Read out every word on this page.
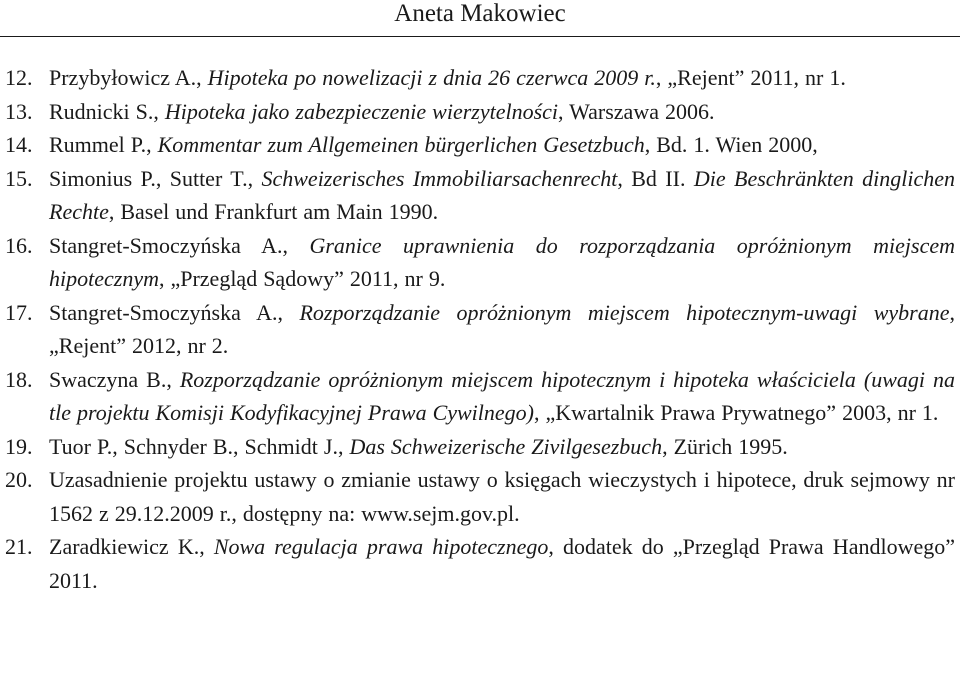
Aneta Makowiec
12. Przybyłowicz A., Hipoteka po nowelizacji z dnia 26 czerwca 2009 r., „Rejent” 2011, nr 1.
13. Rudnicki S., Hipoteka jako zabezpieczenie wierzytelności, Warszawa 2006.
14. Rummel P., Kommentar zum Allgemeinen bürgerlichen Gesetzbuch, Bd. 1. Wien 2000,
15. Simonius P., Sutter T., Schweizerisches Immobiliarsachenrecht, Bd II. Die Beschränkten dinglichen Rechte, Basel und Frankfurt am Main 1990.
16. Stangret-Smoczyńska A., Granice uprawnienia do rozporządzania opróżnionym miejscem hipotecznym, „Przegląd Sądowy” 2011, nr 9.
17. Stangret-Smoczyńska A., Rozporządzanie opróżnionym miejscem hipotecznym-uwagi wybrane, „Rejent” 2012, nr 2.
18. Swaczyna B., Rozporządzanie opróżnionym miejscem hipotecznym i hipoteka właściciela (uwagi na tle projektu Komisji Kodyfikacyjnej Prawa Cywilnego), „Kwartalnik Prawa Prywatnego” 2003, nr 1.
19. Tuor P., Schnyder B., Schmidt J., Das Schweizerische Zivilgesezbuch, Zürich 1995.
20. Uzasadnienie projektu ustawy o zmianie ustawy o księgach wieczystych i hipotece, druk sejmowy nr 1562 z 29.12.2009 r., dostępny na: www.sejm.gov.pl.
21. Zaradkiewicz K., Nowa regulacja prawa hipotecznego, dodatek do „Przegląd Prawa Handlowego” 2011.
